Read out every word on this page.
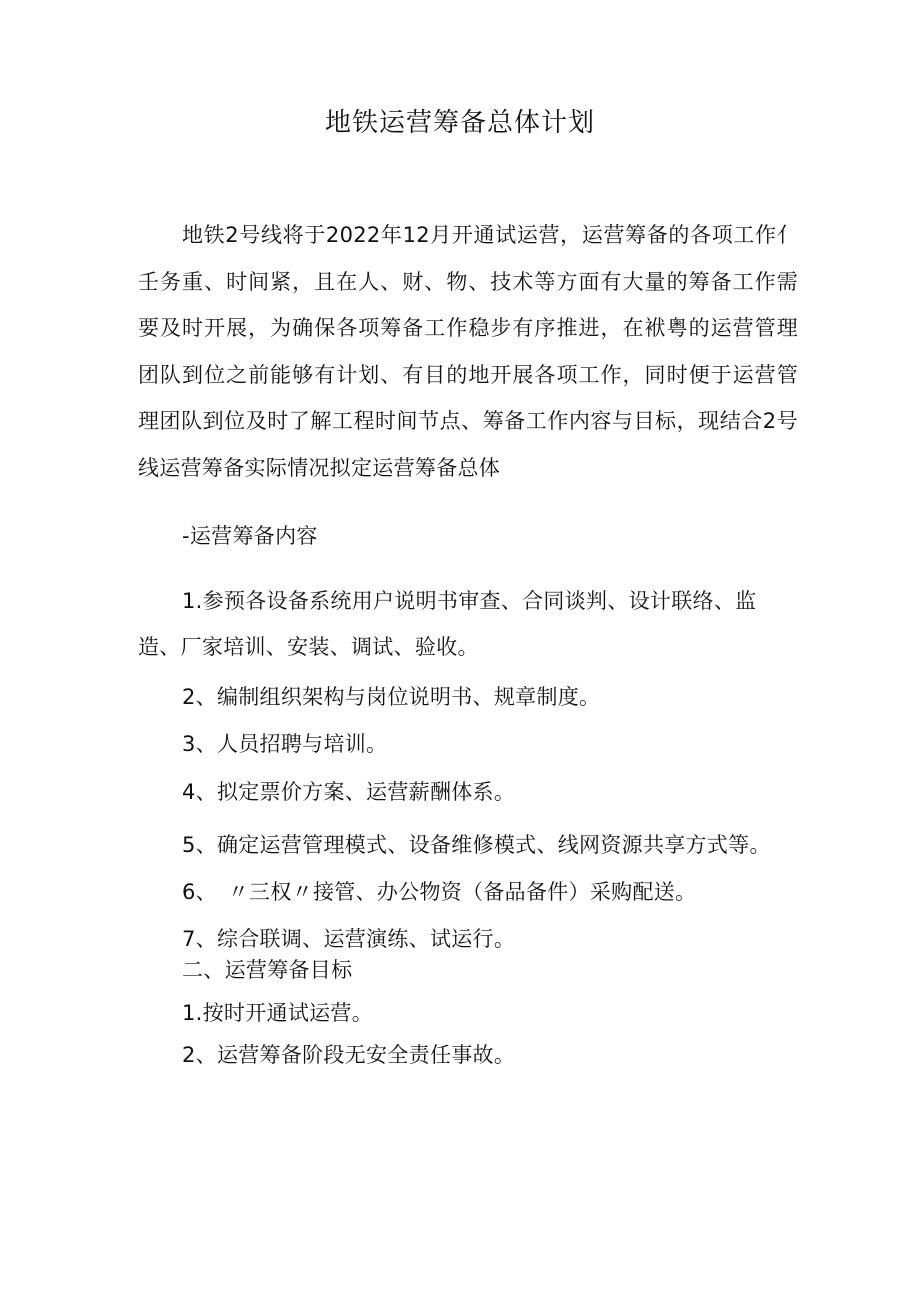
地铁运营筹备总体计划
地铁2号线将于2022年12月开通试运营，运营筹备的各项工作亻壬务重、时间紧，且在人、财、物、技术等方面有大量的筹备工作需要及时开展，为确保各项筹备工作稳步有序推进，在袱粤的运营管理团队到位之前能够有计划、有目的地开展各项工作，同时便于运营管理团队到位及时了解工程时间节点、筹备工作内容与目标，现结合2号线运营筹备实际情况拟定运营筹备总体
-运营筹备内容
1.参预各设备系统用户说明书审查、合同谈判、设计联络、监造、厂家培训、安装、调试、验收。
2、编制组织架构与岗位说明书、规章制度。
3、人员招聘与培训。
4、拟定票价方案、运营薪酬体系。
5、确定运营管理模式、设备维修模式、线网资源共享方式等。
6、　〃三权〃接管、办公物资（备品备件）采购配送。
7、综合联调、运营演练、试运行。
二、运营筹备目标
1.按时开通试运营。
2、运营筹备阶段无安全责任事故。
